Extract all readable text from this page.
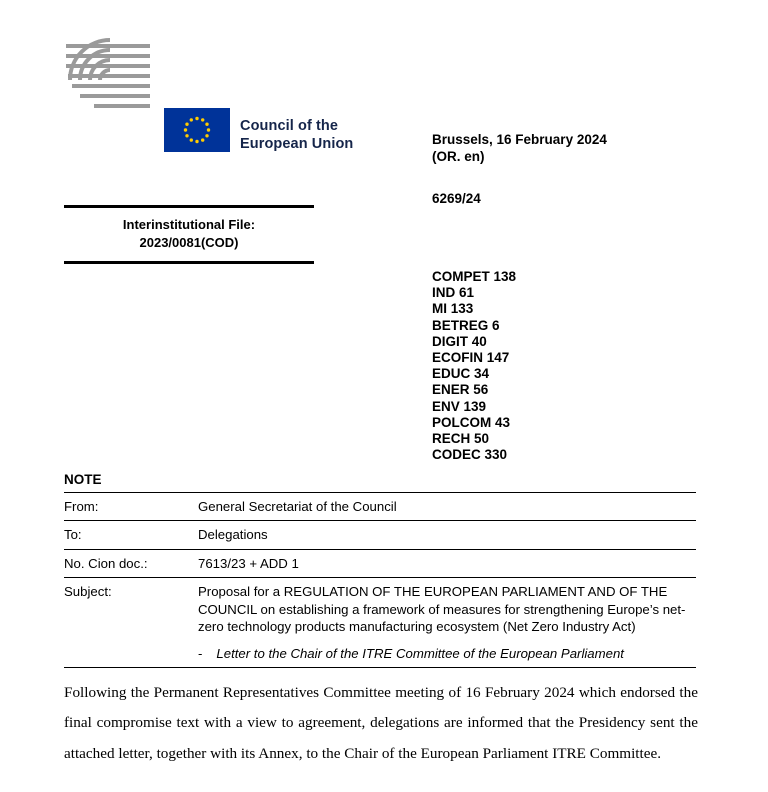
Council of the
European Union	Brussels, 16 February 2024
(OR. en)
6269/24
Interinstitutional File:
2023/0081(COD)
COMPET 138
IND 61
MI 133
BETREG 6
DIGIT 40
ECOFIN 147
EDUC 34
ENER 56
ENV 139
POLCOM 43
RECH 50
CODEC 330
NOTE
From:	General Secretariat of the Council
To:	Delegations
No. Cion doc.:	7613/23 + ADD 1
Subject:	Proposal for a REGULATION OF THE EUROPEAN PARLIAMENT AND OF THE COUNCIL on establishing a framework of measures for strengthening Europe’s net-zero technology products manufacturing ecosystem (Net Zero Industry Act)
- Letter to the Chair of the ITRE Committee of the European Parliament
Following the Permanent Representatives Committee meeting of 16 February 2024 which endorsed the final compromise text with a view to agreement, delegations are informed that the Presidency sent the attached letter, together with its Annex, to the Chair of the European Parliament ITRE Committee.
